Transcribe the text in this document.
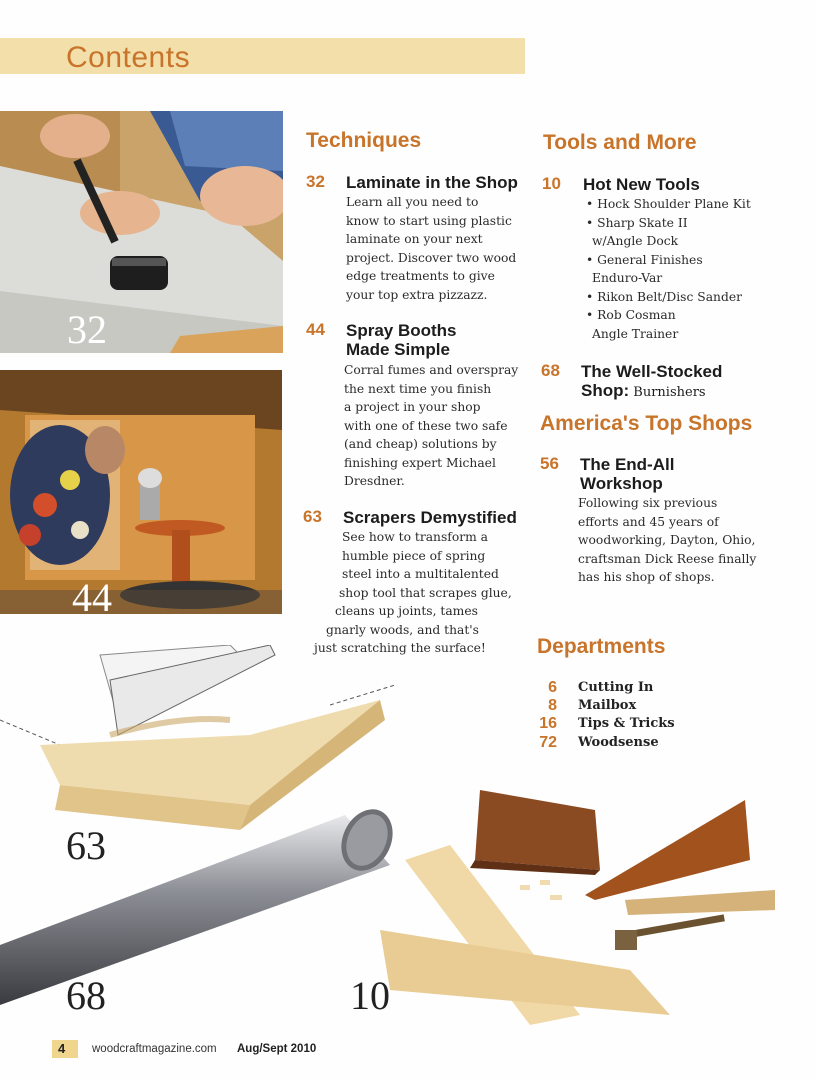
Contents
32
44
63
68	10
Techniques
32 Laminate in the Shop
Learn all you need to
know to start using plastic
laminate on your next
project. Discover two wood
edge treatments to give
your top extra pizzazz.
44 Spray Booths
Made Simple
Corral fumes and overspray
the next time you finish
a project in your shop
with one of these two safe
(and cheap) solutions by
finishing expert Michael
Dresdner.
63 Scrapers Demystified
See how to transform a
humble piece of spring
steel into a multitalented
shop tool that scrapes glue,
cleans up joints, tames
gnarly woods, and that's
just scratching the surface!
Tools and More
10 Hot New Tools
• Hock Shoulder Plane Kit
• Sharp Skate II
w/Angle Dock
• General Finishes
Enduro-Var
• Rikon Belt/Disc Sander
• Rob Cosman
Angle Trainer
68 The Well-Stocked
Shop: Burnishers
America's Top Shops
56 The End-All
Workshop
Following six previous
efforts and 45 years of
woodworking, Dayton, Ohio,
craftsman Dick Reese finally
has his shop of shops.
Departments
6 Cutting In
8 Mailbox
16 Tips & Tricks
72 Woodsense
4 woodcraftmagazine.com Aug/Sept 2010
